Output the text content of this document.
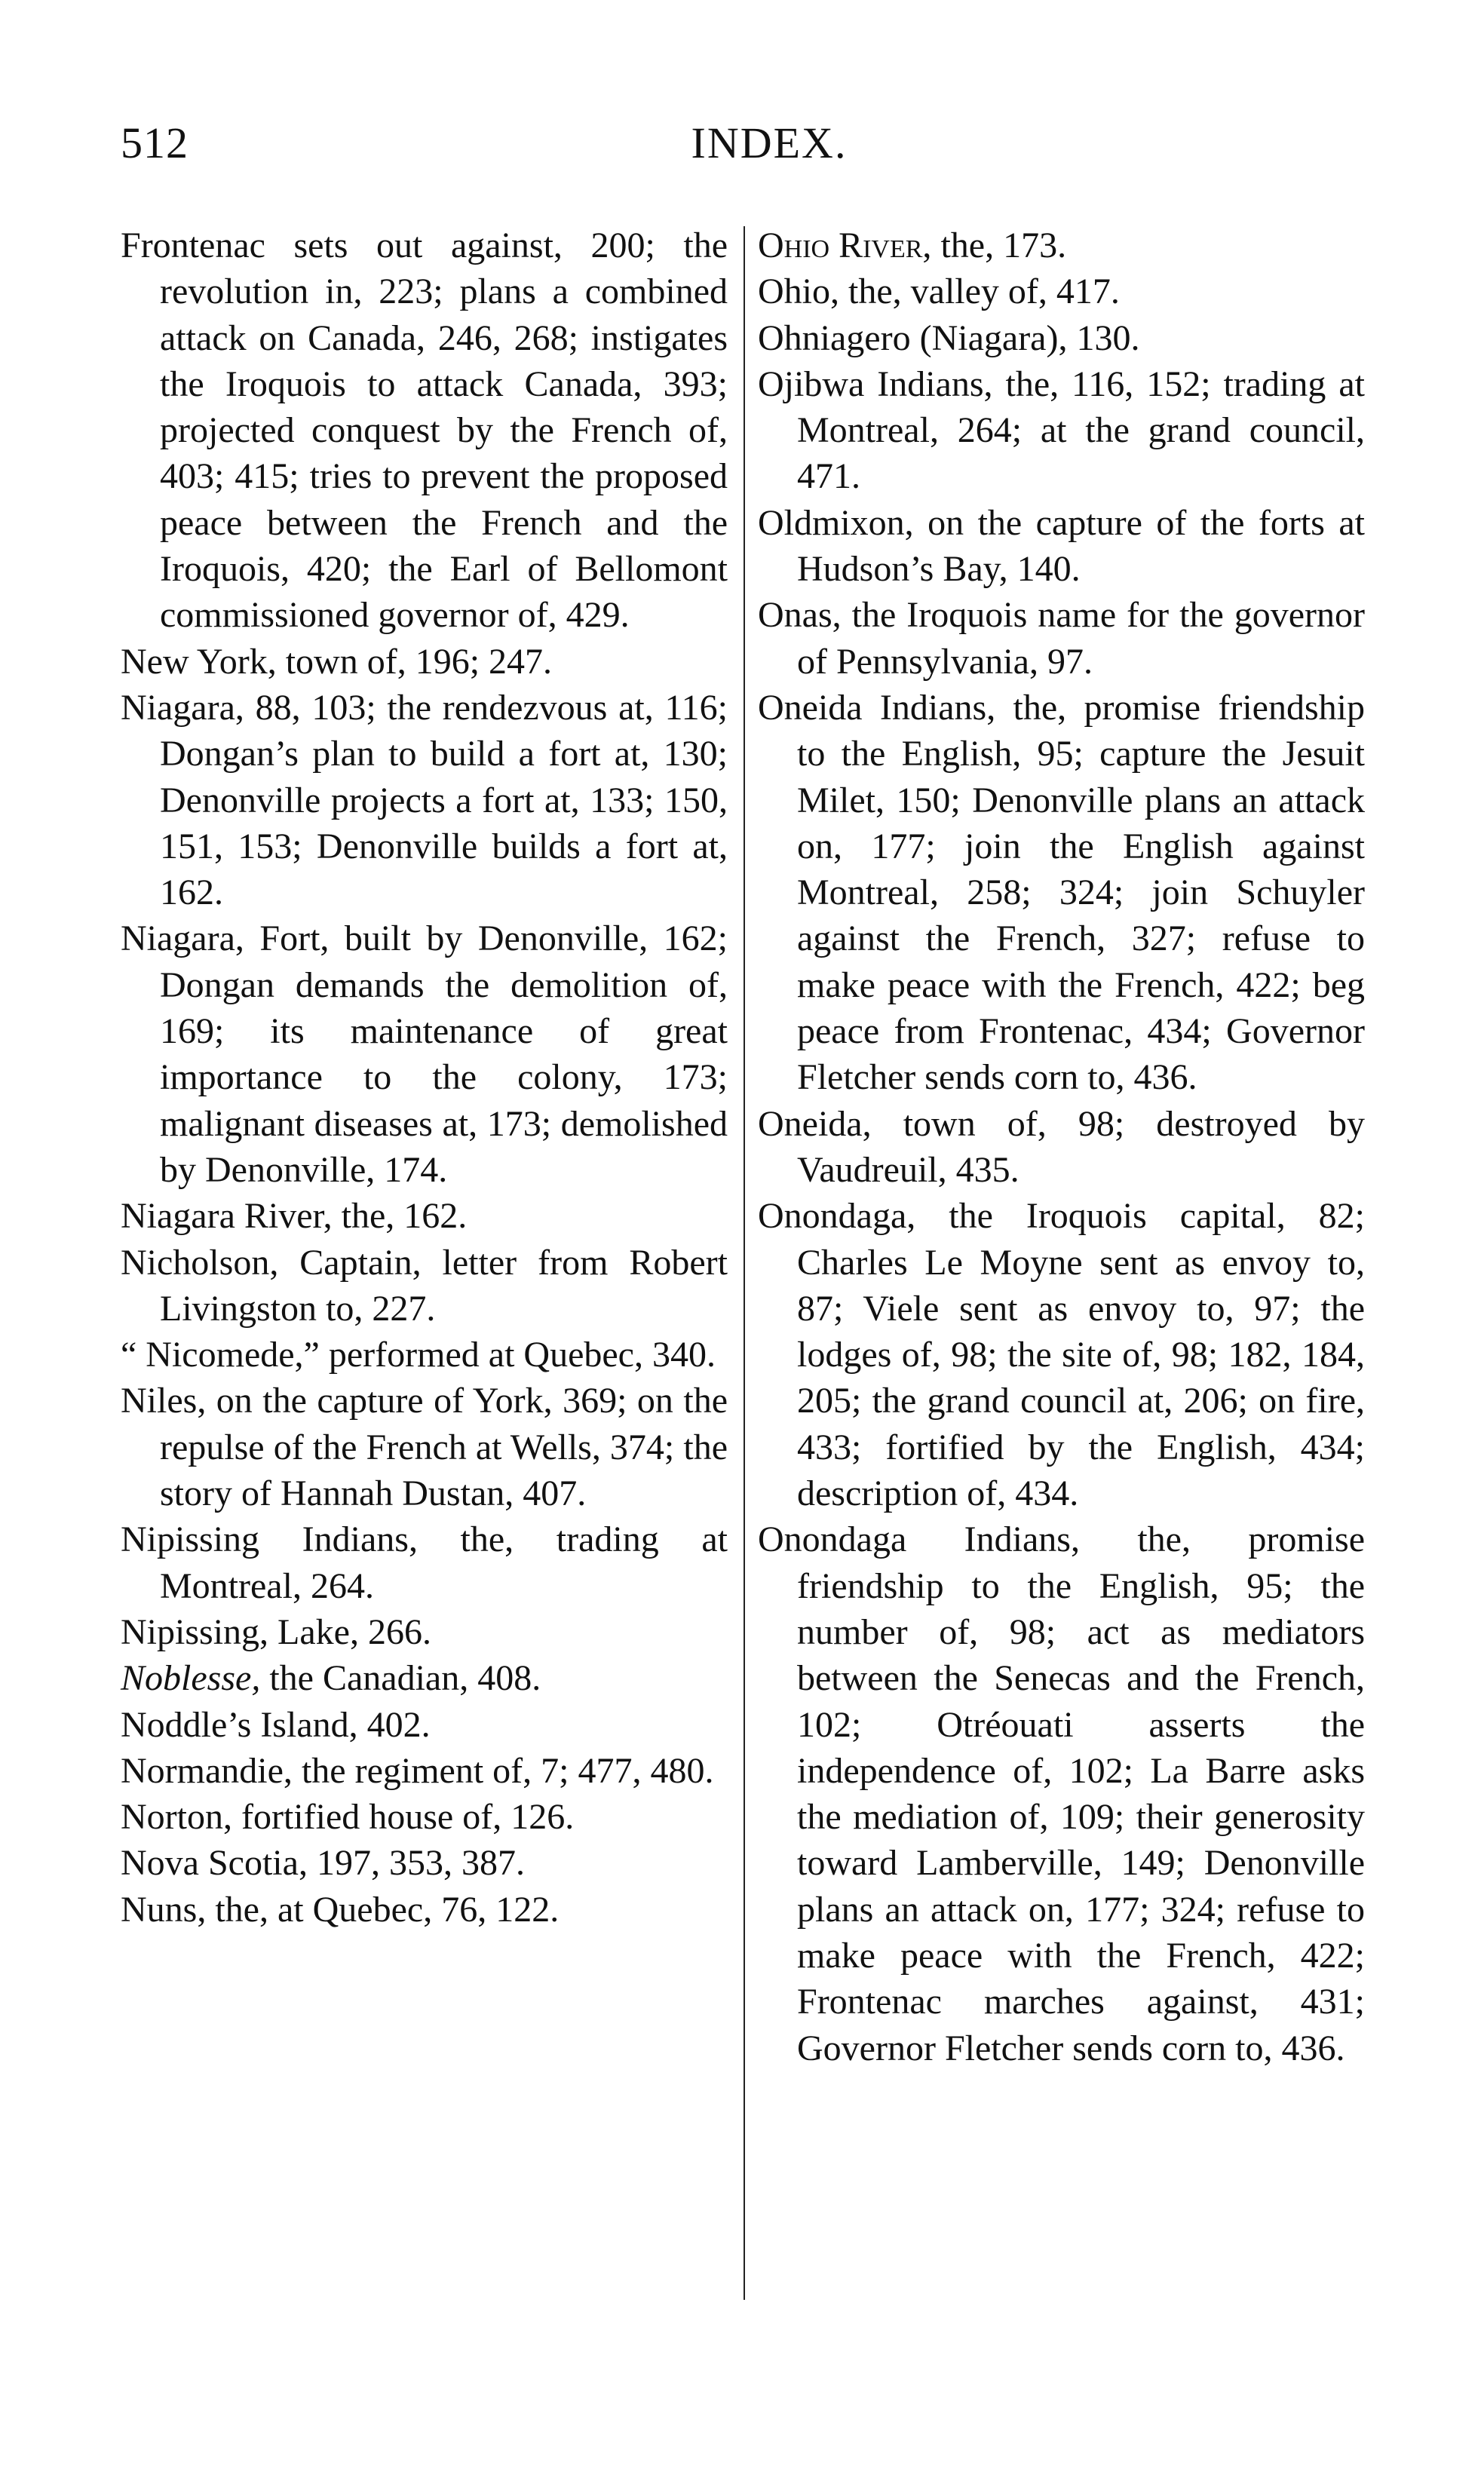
512	INDEX.

Frontenac sets out against, 200; the revolution in, 223; plans a combined attack on Canada, 246, 268; instigates the Iroquois to attack Canada, 393; projected conquest by the French of, 403; 415; tries to prevent the proposed peace between the French and the Iroquois, 420; the Earl of Bellomont commissioned governor of, 429.

New York, town of, 196; 247.

Niagara, 88, 103; the rendezvous at, 116; Dongan’s plan to build a fort at, 130; Denonville projects a fort at, 133; 150, 151, 153; Denonville builds a fort at, 162.

Niagara, Fort, built by Denonville, 162; Dongan demands the demolition of, 169; its maintenance of great importance to the colony, 173; malignant diseases at, 173; demolished by Denonville, 174.

Niagara River, the, 162.

Nicholson, Captain, letter from Robert Livingston to, 227.

“ Nicomede,” performed at Quebec, 340.

Niles, on the capture of York, 369; on the repulse of the French at Wells, 374; the story of Hannah Dustan, 407.

Nipissing Indians, the, trading at Montreal, 264.

Nipissing, Lake, 266.

Noblesse, the Canadian, 408.

Noddle’s Island, 402.

Normandie, the regiment of, 7; 477, 480.

Norton, fortified house of, 126.

Nova Scotia, 197, 353, 387.

Nuns, the, at Quebec, 76, 122.

Ohio River, the, 173.

Ohio, the, valley of, 417.

Ohniagero (Niagara), 130.

Ojibwa Indians, the, 116, 152; trading at Montreal, 264; at the grand council, 471.

Oldmixon, on the capture of the forts at Hudson’s Bay, 140.

Onas, the Iroquois name for the governor of Pennsylvania, 97.

Oneida Indians, the, promise friendship to the English, 95; capture the Jesuit Milet, 150; Denonville plans an attack on, 177; join the English against Montreal, 258; 324; join Schuyler against the French, 327; refuse to make peace with the French, 422; beg peace from Frontenac, 434; Governor Fletcher sends corn to, 436.

Oneida, town of, 98; destroyed by Vaudreuil, 435.

Onondaga, the Iroquois capital, 82; Charles Le Moyne sent as envoy to, 87; Viele sent as envoy to, 97; the lodges of, 98; the site of, 98; 182, 184, 205; the grand council at, 206; on fire, 433; fortified by the English, 434; description of, 434.

Onondaga Indians, the, promise friendship to the English, 95; the number of, 98; act as mediators between the Senecas and the French, 102; Otréouati asserts the independence of, 102; La Barre asks the mediation of, 109; their generosity toward Lamberville, 149; Denonville plans an attack on, 177; 324; refuse to make peace with the French, 422; Frontenac marches against, 431; Governor Fletcher sends corn to, 436.
